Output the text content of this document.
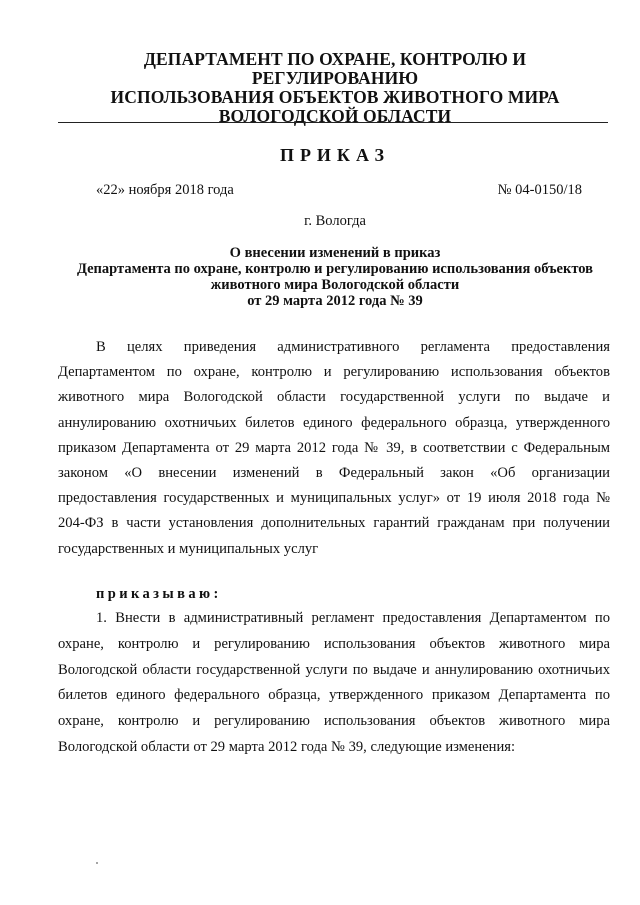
ДЕПАРТАМЕНТ ПО ОХРАНЕ, КОНТРОЛЮ И РЕГУЛИРОВАНИЮ
ИСПОЛЬЗОВАНИЯ ОБЪЕКТОВ ЖИВОТНОГО МИРА
ВОЛОГОДСКОЙ ОБЛАСТИ
ПРИКАЗ
«22» ноября 2018 года	№ 04-0150/18
г. Вологда
О внесении изменений в приказ
Департамента по охране, контролю и регулированию использования объектов
животного мира Вологодской области
от 29 марта 2012 года № 39
В целях приведения административного регламента предоставления Департаментом по охране, контролю и регулированию использования объектов животного мира Вологодской области государственной услуги по выдаче и аннулированию охотничьих билетов единого федерального образца, утвержденного приказом Департамента от 29 марта 2012 года № 39, в соответствии с Федеральным законом «О внесении изменений в Федеральный закон «Об организации предоставления государственных и муниципальных услуг» от 19 июля 2018 года № 204-ФЗ в части установления дополнительных гарантий гражданам при получении государственных и муниципальных услуг
приказываю:
1. Внести в административный регламент предоставления Департаментом по охране, контролю и регулированию использования объектов животного мира Вологодской области государственной услуги по выдаче и аннулированию охотничьих билетов единого федерального образца, утвержденного приказом Департамента по охране, контролю и регулированию использования объектов животного мира Вологодской области от 29 марта 2012 года № 39, следующие изменения:
